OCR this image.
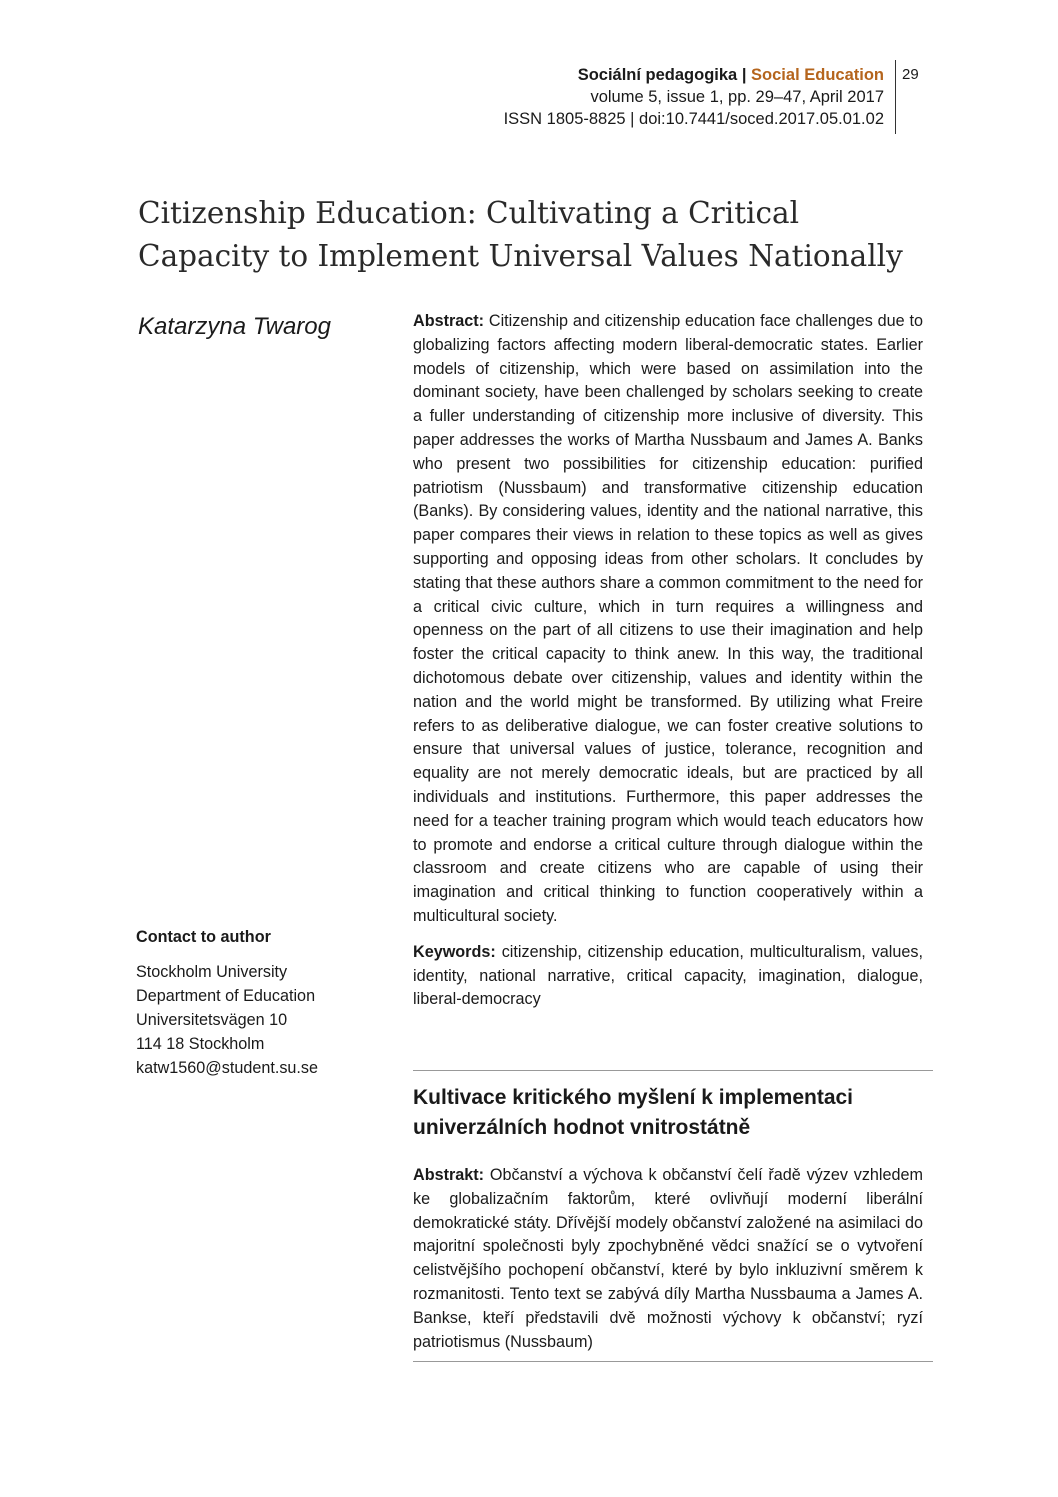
Sociální pedagogika | Social Education
volume 5, issue 1, pp. 29–47, April 2017
ISSN 1805-8825 | doi:10.7441/soced.2017.05.01.02
29
Citizenship Education: Cultivating a Critical Capacity to Implement Universal Values Nationally
Katarzyna Twarog	Abstract: Citizenship and citizenship education face challenges due to globalizing factors affecting modern liberal-democratic states. Earlier models of citizenship, which were based on assimilation into the dominant society, have been challenged by scholars seeking to create a fuller understanding of citizenship more inclusive of diversity. This paper addresses the works of Martha Nussbaum and James A. Banks who present two possibilities for citizenship education: purified patriotism (Nussbaum) and transformative citizenship education (Banks). By considering values, identity and the national narrative, this paper compares their views in relation to these topics as well as gives supporting and opposing ideas from other scholars. It concludes by stating that these authors share a common commitment to the need for a critical civic culture, which in turn requires a willingness and openness on the part of all citizens to use their imagination and help foster the critical capacity to think anew. In this way, the traditional dichotomous debate over citizenship, values and identity within the nation and the world might be transformed. By utilizing what Freire refers to as deliberative dialogue, we can foster creative solutions to ensure that universal values of justice, tolerance, recognition and equality are not merely democratic ideals, but are practiced by all individuals and institutions. Furthermore, this paper addresses the need for a teacher training program which would teach educators how to promote and endorse a critical culture through dialogue within the classroom and create citizens who are capable of using their imagination and critical thinking to function cooperatively within a multicultural society.

Keywords: citizenship, citizenship education, multiculturalism, values, identity, national narrative, critical capacity, imagination, dialogue, liberal-democracy

Kultivace kritického myšlení k implementaci univerzálních hodnot vnitrostátně

Abstrakt: Občanství a výchova k občanství čelí řadě výzev vzhledem ke globalizačním faktorům, které ovlivňují moderní liberální demokratické státy. Dřívější modely občanství založené na asimilaci do majoritní společnosti byly zpochybněné vědci snažící se o vytvoření celistvějšího pochopení občanství, které by bylo inkluzivní směrem k rozmanitosti. Tento text se zabývá díly Martha Nussbauma a James A. Bankse, kteří představili dvě možnosti výchovy k občanství; ryzí patriotismus (Nussbaum)

Contact to author
Stockholm University
Department of Education
Universitetsvägen 10
114 18 Stockholm
katw1560@student.su.se
